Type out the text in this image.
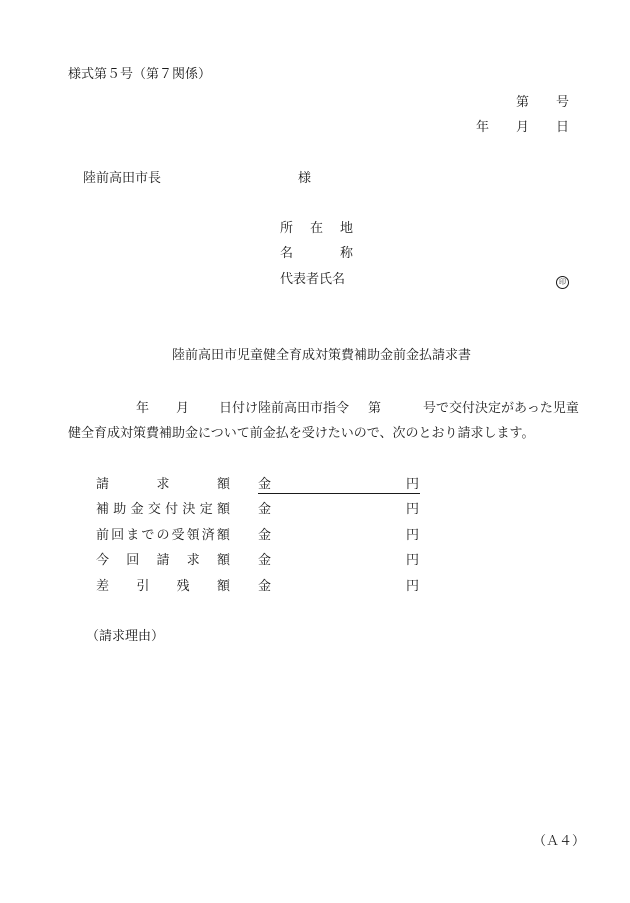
様式第５号（第７関係）
第 号
年 月 日
陸前高田市長	様
所 在 地
名	称
代表者氏名	印
陸前高田市児童健全育成対策費補助金前金払請求書
年 月 日付け陸前高田市指令 第	号で交付決定があった児童
健全育成対策費補助金について前金払を受けたいので、次のとおり請求します。
請	求	額 金	円
補 助 金 交 付 決 定 額 金	円
前 回 ま で の 受 領 済 額 金	円
今 回 請 求 額 金	円
差 引 残 額 金	円
（請求理由）
（Ａ４）
